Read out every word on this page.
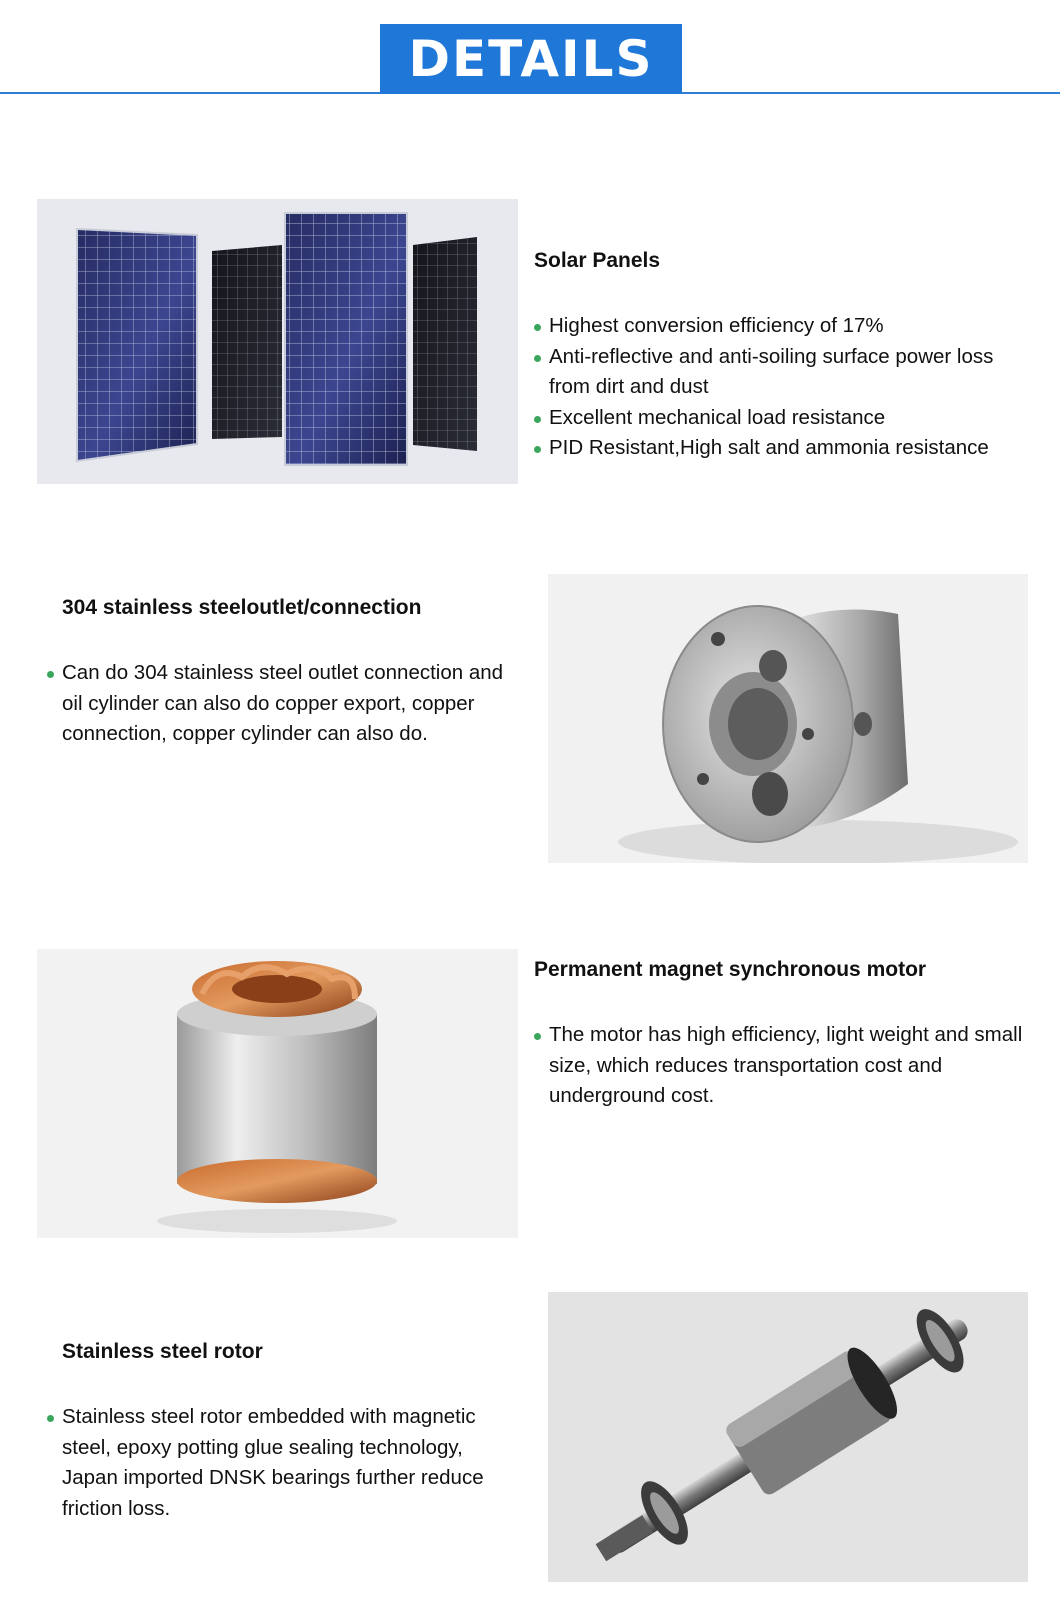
DETAILS
Solar Panels
Highest conversion efficiency of 17%
Anti-reflective and anti-soiling surface power loss from dirt and dust
Excellent mechanical load resistance
PID Resistant,High salt and ammonia resistance
304 stainless steeloutlet/connection
Can do 304 stainless steel outlet connection and oil cylinder can also do copper export, copper connection, copper cylinder can also do.
Permanent magnet synchronous motor
The motor has high efficiency, light weight and small size, which reduces transportation cost and underground cost.
Stainless steel rotor
Stainless steel rotor embedded with magnetic steel, epoxy potting glue sealing technology, Japan imported DNSK bearings further reduce friction loss.
